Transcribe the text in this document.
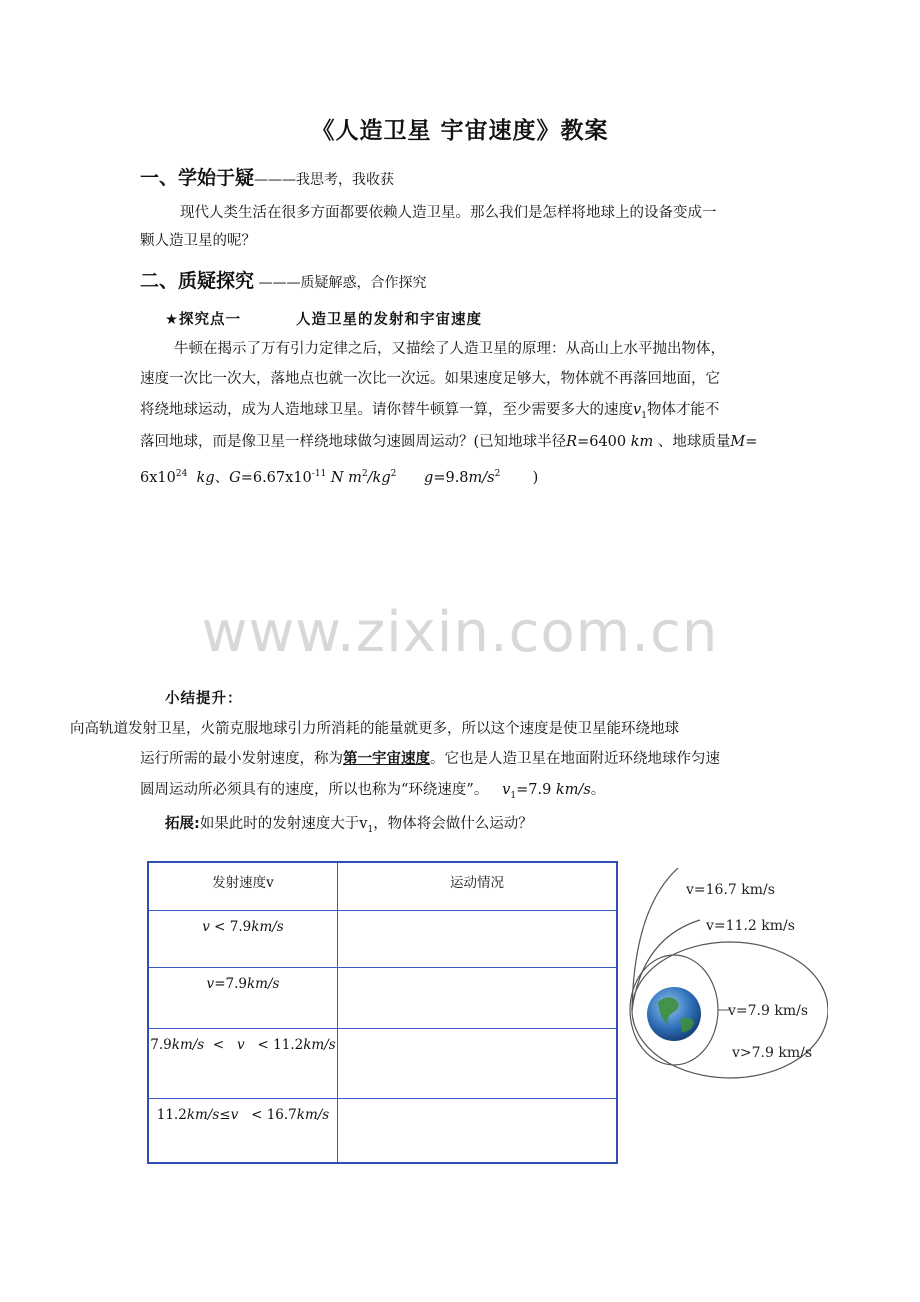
《人造卫星 宇宙速度》教案
一、学始于疑———我思考，我收获
现代人类生活在很多方面都要依赖人造卫星。那么我们是怎样将地球上的设备变成一
颗人造卫星的呢？
二、质疑探究 ———质疑解惑，合作探究
★探究点一	人造卫星的发射和宇宙速度
牛顿在揭示了万有引力定律之后，又描绘了人造卫星的原理：从高山上水平抛出物体，
速度一次比一次大，落地点也就一次比一次远。如果速度足够大，物体就不再落回地面，它
将绕地球运动，成为人造地球卫星。请你替牛顿算一算，至少需要多大的速度$v_1$物体才能不
落回地球，而是像卫星一样绕地球做匀速圆周运动？(已知地球半径R=6400 km 、地球质量M=
$6x10^{24}$ kg、$G=6.67x10^{-11}$ N $m^2/kg^2$ $g=9.8m/s^2$ )
www.zixin.com.cn
小结提升：
向高轨道发射卫星，火箭克服地球引力所消耗的能量就更多，所以这个速度是使卫星能环绕地球
运行所需的最小发射速度，称为第一宇宙速度。它也是人造卫星在地面附近环绕地球作匀速
圆周运动所必须具有的速度，所以也称为“环绕速度”。 $v_1=7.9$ km/s。
拓展:如果此时的发射速度大于$v_1$，物体将会做什么运动？
发射速度v	运动情况
v < 7.9km/s	
v=7.9km/s	
7.9km/s  <   v   < 11.2km/s	
11.2km/s≤v   < 16.7km/s	
v=16.7 km/s
v=11.2 km/s
v=7.9 km/s
v>7.9 km/s
